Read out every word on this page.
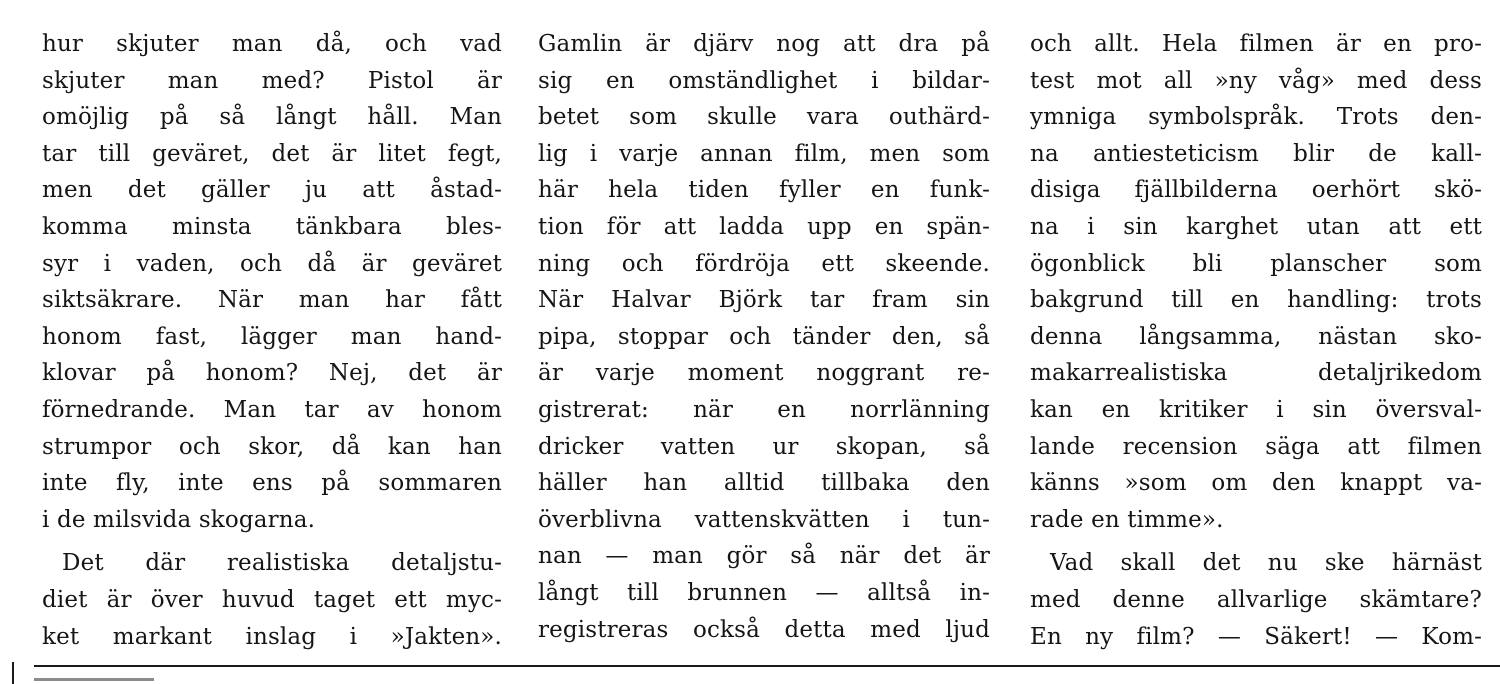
hur skjuter man då, och vad
skjuter man med? Pistol är
omöjlig på så långt håll. Man
tar till geväret, det är litet fegt,
men det gäller ju att åstad-
komma minsta tänkbara bles-
syr i vaden, och då är geväret
siktsäkrare. När man har fått
honom fast, lägger man hand-
klovar på honom? Nej, det är
förnedrande. Man tar av honom
strumpor och skor, då kan han
inte fly, inte ens på sommaren
i de milsvida skogarna.
Det där realistiska detaljstu-
diet är över huvud taget ett myc-
ket markant inslag i »Jakten».
Gamlin är djärv nog att dra på
sig en omständlighet i bildar-
betet som skulle vara outhärd-
lig i varje annan film, men som
här hela tiden fyller en funk-
tion för att ladda upp en spän-
ning och fördröja ett skeende.
När Halvar Björk tar fram sin
pipa, stoppar och tänder den, så
är varje moment noggrant re-
gistrerat: när en norrlänning
dricker vatten ur skopan, så
häller han alltid tillbaka den
överblivna vattenskvätten i tun-
nan — man gör så när det är
långt till brunnen — alltså in-
registreras också detta med ljud
och allt. Hela filmen är en pro-
test mot all »ny våg» med dess
ymniga symbolspråk. Trots den-
na antiesteticism blir de kall-
disiga fjällbilderna oerhört skö-
na i sin karghet utan att ett
ögonblick bli planscher som
bakgrund till en handling: trots
denna långsamma, nästan sko-
makarrealistiska detaljrikedom
kan en kritiker i sin översval-
lande recension säga att filmen
känns »som om den knappt va-
rade en timme».
Vad skall det nu ske härnäst
med denne allvarlige skämtare?
En ny film? — Säkert! — Kom-
